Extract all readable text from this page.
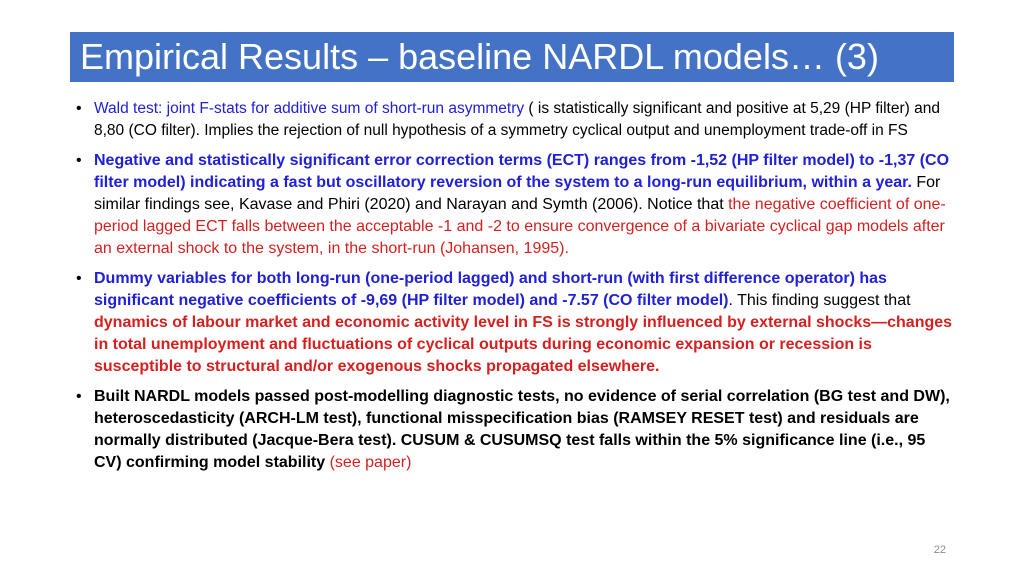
Empirical Results – baseline NARDL models… (3)
• Wald test: joint F-stats for additive sum of short-run asymmetry ( is statistically significant and positive at 5,29 (HP filter) and 8,80 (CO filter). Implies the rejection of null hypothesis of a symmetry cyclical output and unemployment trade-off in FS
• Negative and statistically significant error correction terms (ECT) ranges from -1,52 (HP filter model) to -1,37 (CO filter model) indicating a fast but oscillatory reversion of the system to a long-run equilibrium, within a year. For similar findings see, Kavase and Phiri (2020) and Narayan and Symth (2006). Notice that the negative coefficient of one-period lagged ECT falls between the acceptable -1 and -2 to ensure convergence of a bivariate cyclical gap models after an external shock to the system, in the short-run (Johansen, 1995).
• Dummy variables for both long-run (one-period lagged) and short-run (with first difference operator) has significant negative coefficients of -9,69 (HP filter model) and -7.57 (CO filter model). This finding suggest that dynamics of labour market and economic activity level in FS is strongly influenced by external shocks—changes in total unemployment and fluctuations of cyclical outputs during economic expansion or recession is susceptible to structural and/or exogenous shocks propagated elsewhere.
• Built NARDL models passed post-modelling diagnostic tests, no evidence of serial correlation (BG test and DW), heteroscedasticity (ARCH-LM test), functional misspecification bias (RAMSEY RESET test) and residuals are normally distributed (Jacque-Bera test). CUSUM & CUSUMSQ test falls within the 5% significance line (i.e., 95 CV) confirming model stability (see paper)
22
